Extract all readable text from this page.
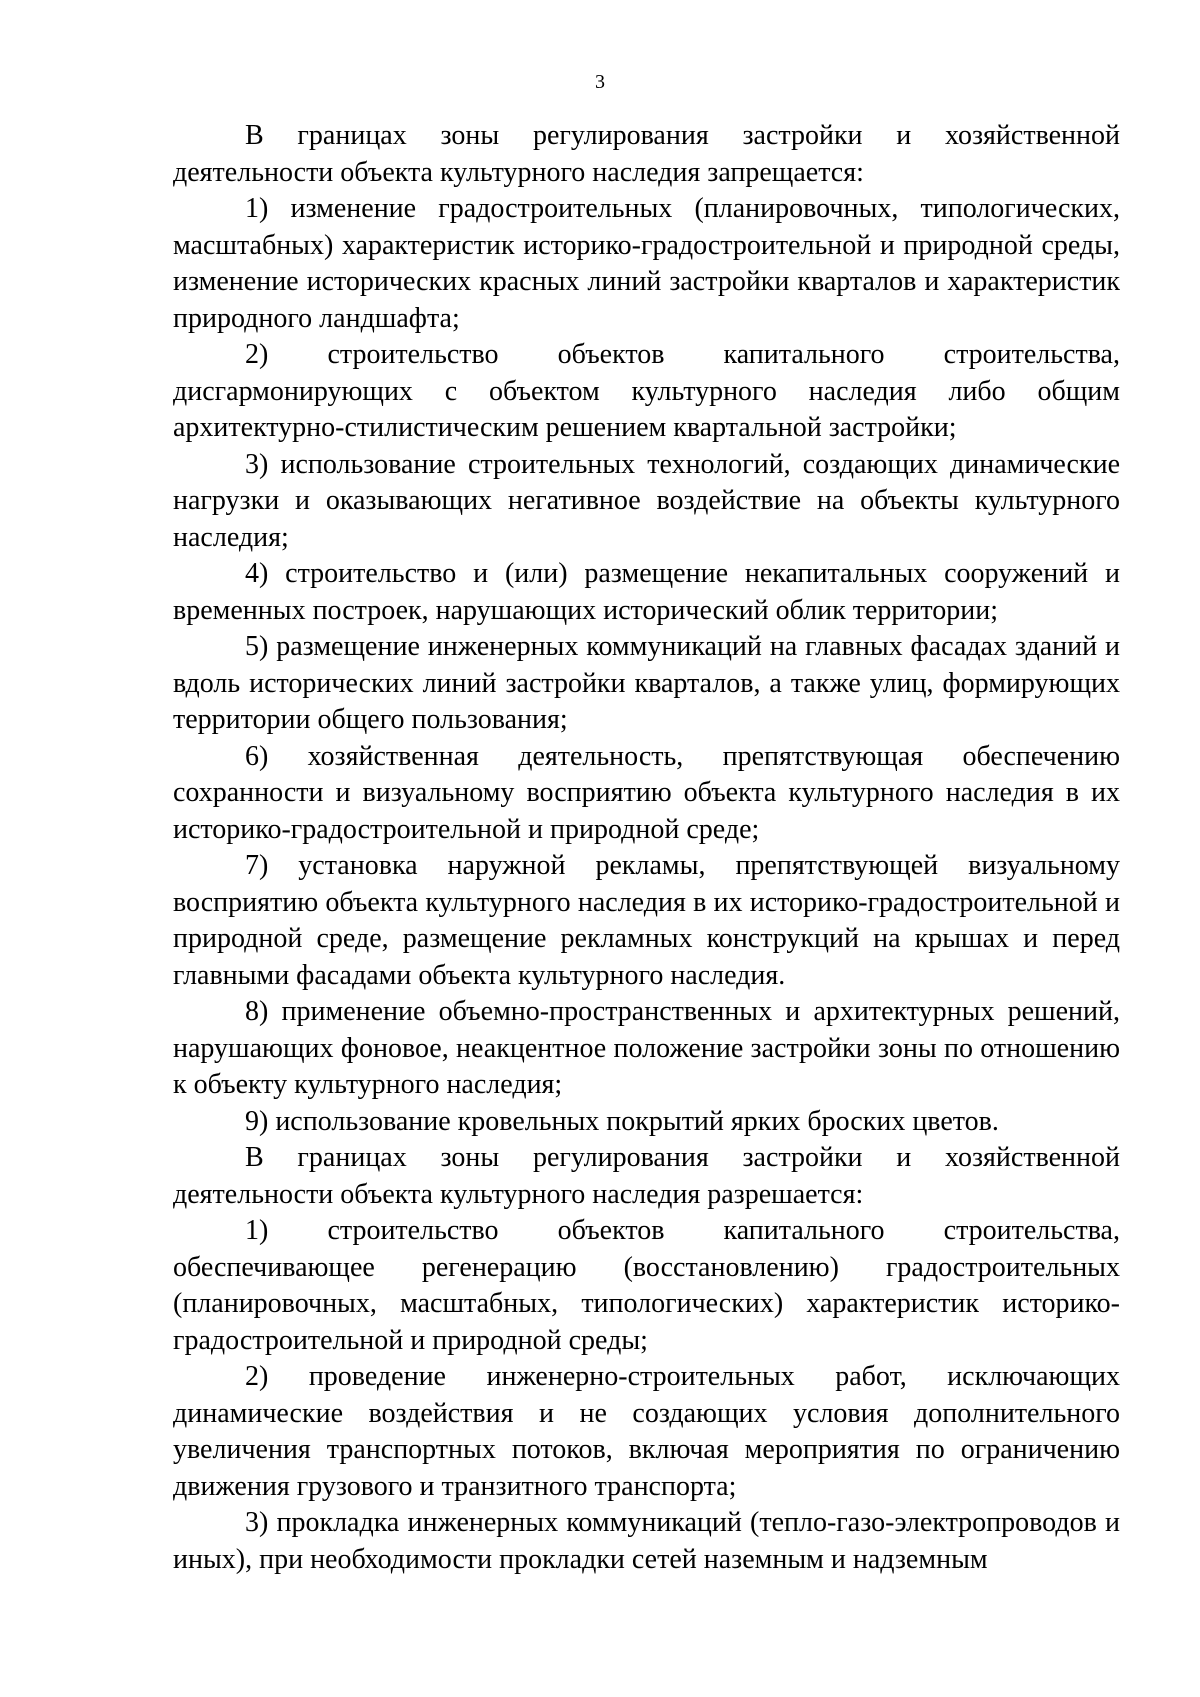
3

В границах зоны регулирования застройки и хозяйственной деятельности объекта культурного наследия запрещается:

1) изменение градостроительных (планировочных, типологических, масштабных) характеристик историко-градостроительной и природной среды, изменение исторических красных линий застройки кварталов и характеристик природного ландшафта;

2) строительство объектов капитального строительства, дисгармонирующих с объектом культурного наследия либо общим архитектурно-стилистическим решением квартальной застройки;

3) использование строительных технологий, создающих динамические нагрузки и оказывающих негативное воздействие на объекты культурного наследия;

4) строительство и (или) размещение некапитальных сооружений и временных построек, нарушающих исторический облик территории;

5) размещение инженерных коммуникаций на главных фасадах зданий и вдоль исторических линий застройки кварталов, а также улиц, формирующих территории общего пользования;

6) хозяйственная деятельность, препятствующая обеспечению сохранности и визуальному восприятию объекта культурного наследия в их историко-градостроительной и природной среде;

7) установка наружной рекламы, препятствующей визуальному восприятию объекта культурного наследия в их историко-градостроительной и природной среде, размещение рекламных конструкций на крышах и перед главными фасадами объекта культурного наследия.

8) применение объемно-пространственных и архитектурных решений, нарушающих фоновое, неакцентное положение застройки зоны по отношению к объекту культурного наследия;

9) использование кровельных покрытий ярких броских цветов.

В границах зоны регулирования застройки и хозяйственной деятельности объекта культурного наследия разрешается:

1) строительство объектов капитального строительства, обеспечивающее регенерацию (восстановлению) градостроительных (планировочных, масштабных, типологических) характеристик историко-градостроительной и природной среды;

2) проведение инженерно-строительных работ, исключающих динамические воздействия и не создающих условия дополнительного увеличения транспортных потоков, включая мероприятия по ограничению движения грузового и транзитного транспорта;

3) прокладка инженерных коммуникаций (тепло-газо-электропроводов и иных), при необходимости прокладки сетей наземным и надземным
